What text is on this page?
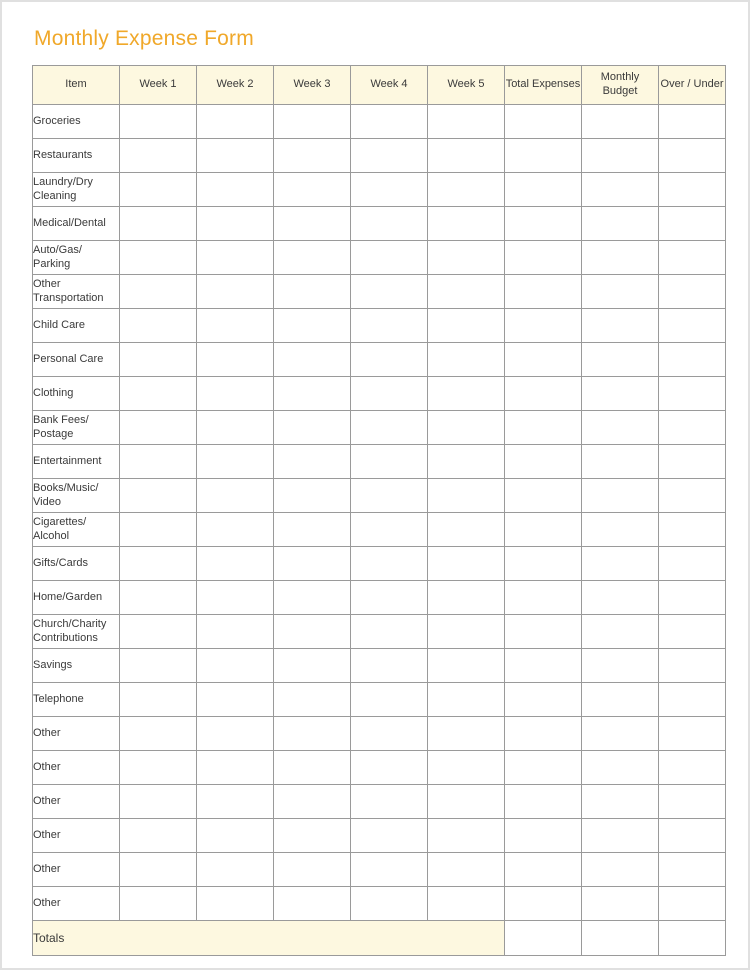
Monthly Expense Form
Item	Week 1	Week 2	Week 3	Week 4	Week 5	Total Expenses	Monthly Budget	Over / Under
Groceries								
Restaurants								
Laundry/Dry Cleaning								
Medical/Dental								
Auto/Gas/ Parking								
Other Transportation								
Child Care								
Personal Care								
Clothing								
Bank Fees/ Postage								
Entertainment								
Books/Music/ Video								
Cigarettes/ Alcohol								
Gifts/Cards								
Home/Garden								
Church/Charity Contributions								
Savings								
Telephone								
Other								
Other								
Other								
Other								
Other								
Other								
Totals								
